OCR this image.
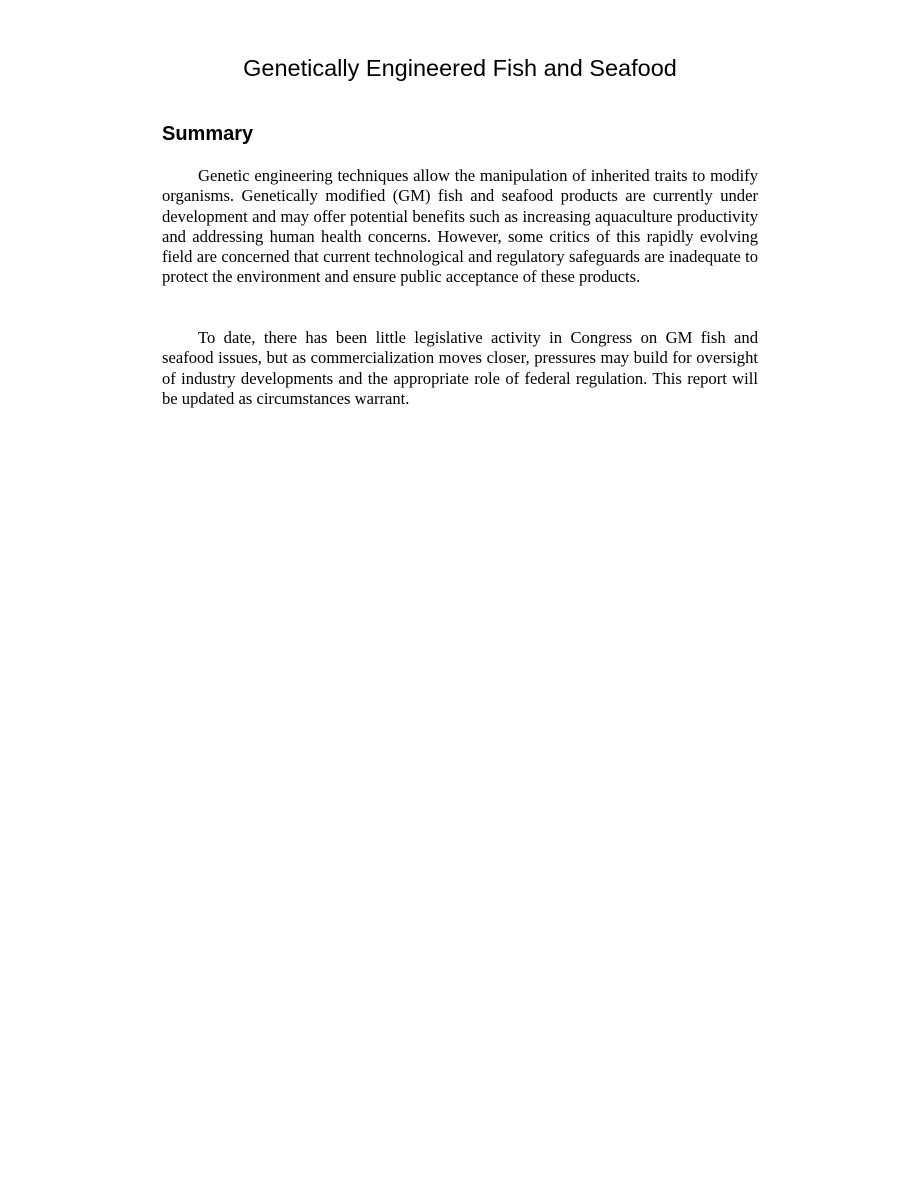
Genetically Engineered Fish and Seafood
Summary

Genetic engineering techniques allow the manipulation of inherited traits to modify organisms. Genetically modified (GM) fish and seafood products are currently under development and may offer potential benefits such as increasing aquaculture productivity and addressing human health concerns. However, some critics of this rapidly evolving field are concerned that current technological and regulatory safeguards are inadequate to protect the environment and ensure public acceptance of these products.

To date, there has been little legislative activity in Congress on GM fish and seafood issues, but as commercialization moves closer, pressures may build for oversight of industry developments and the appropriate role of federal regulation. This report will be updated as circumstances warrant.
